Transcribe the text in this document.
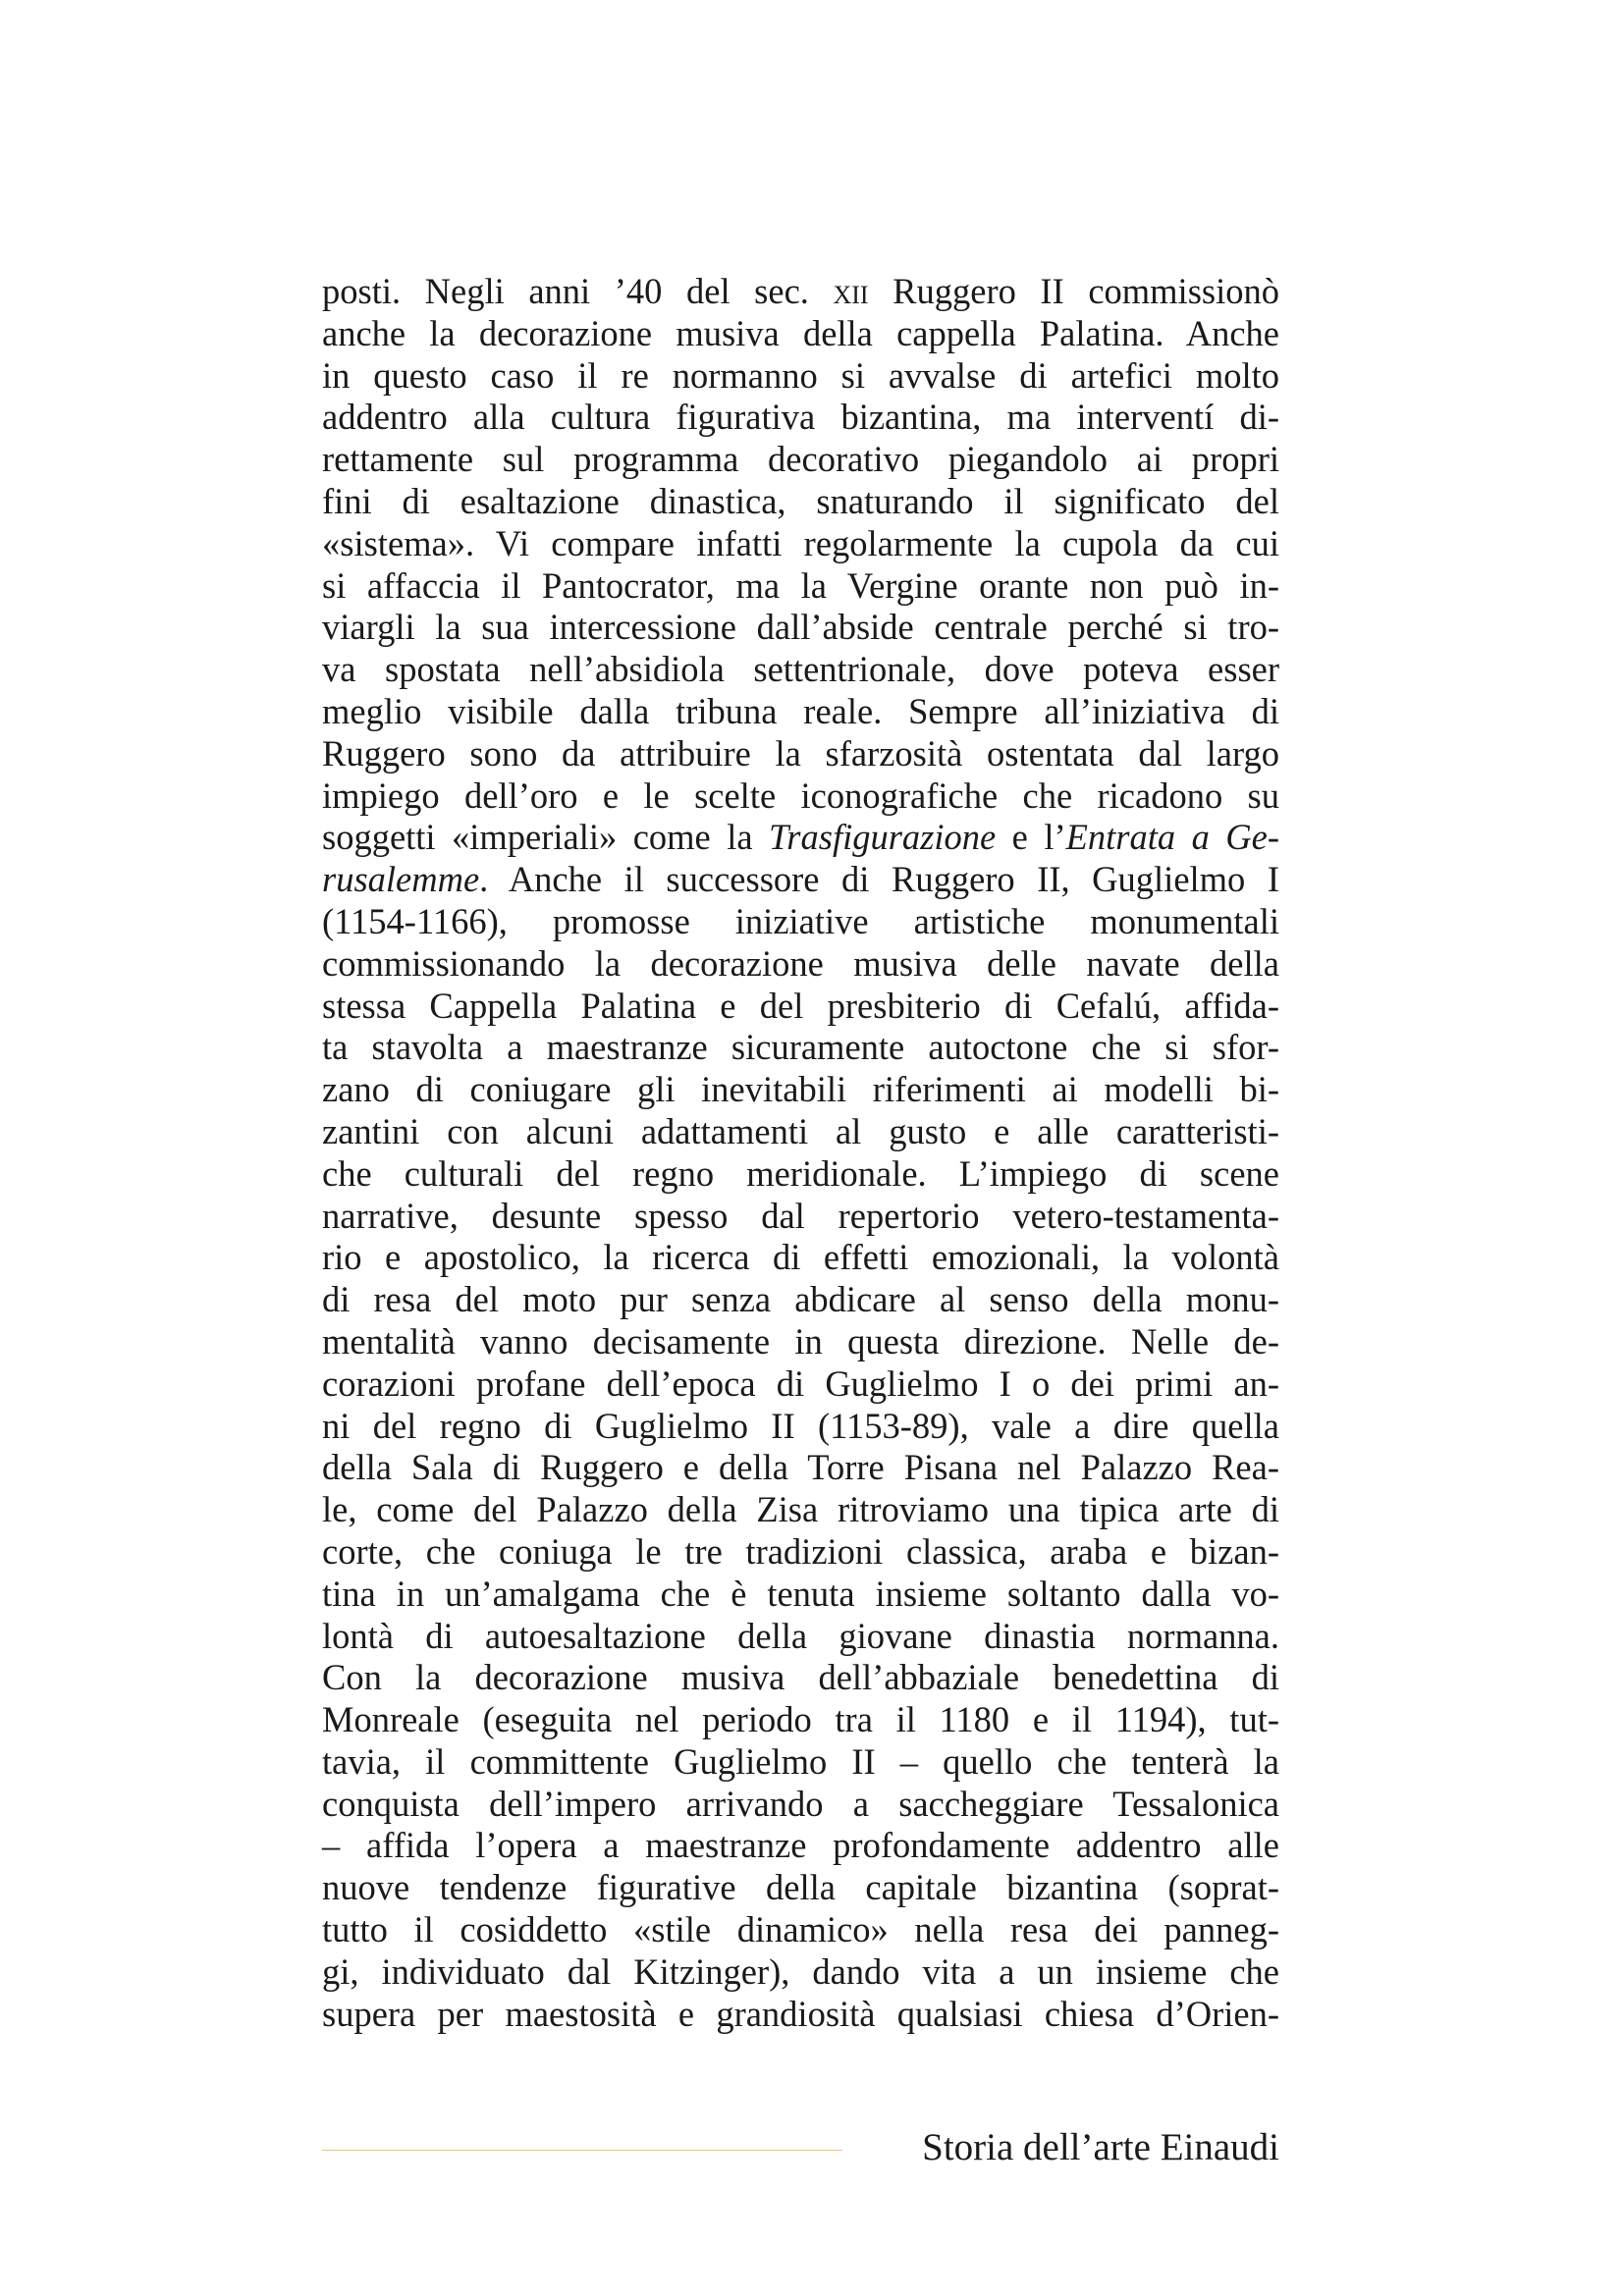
posti. Negli anni ’40 del sec. xii Ruggero II commissionò
anche la decorazione musiva della cappella Palatina. Anche
in questo caso il re normanno si avvalse di artefici molto
addentro alla cultura figurativa bizantina, ma interventí di-
rettamente sul programma decorativo piegandolo ai propri
fini di esaltazione dinastica, snaturando il significato del
«sistema». Vi compare infatti regolarmente la cupola da cui
si affaccia il Pantocrator, ma la Vergine orante non può in-
viargli la sua intercessione dall’abside centrale perché si tro-
va spostata nell’absidiola settentrionale, dove poteva esser
meglio visibile dalla tribuna reale. Sempre all’iniziativa di
Ruggero sono da attribuire la sfarzosità ostentata dal largo
impiego dell’oro e le scelte iconografiche che ricadono su
soggetti «imperiali» come la Trasfigurazione e l’Entrata a Ge-
rusalemme. Anche il successore di Ruggero II, Guglielmo I
(1154-1166), promosse iniziative artistiche monumentali
commissionando la decorazione musiva delle navate della
stessa Cappella Palatina e del presbiterio di Cefalú, affida-
ta stavolta a maestranze sicuramente autoctone che si sfor-
zano di coniugare gli inevitabili riferimenti ai modelli bi-
zantini con alcuni adattamenti al gusto e alle caratteristi-
che culturali del regno meridionale. L’impiego di scene
narrative, desunte spesso dal repertorio vetero-testamenta-
rio e apostolico, la ricerca di effetti emozionali, la volontà
di resa del moto pur senza abdicare al senso della monu-
mentalità vanno decisamente in questa direzione. Nelle de-
corazioni profane dell’epoca di Guglielmo I o dei primi an-
ni del regno di Guglielmo II (1153-89), vale a dire quella
della Sala di Ruggero e della Torre Pisana nel Palazzo Rea-
le, come del Palazzo della Zisa ritroviamo una tipica arte di
corte, che coniuga le tre tradizioni classica, araba e bizan-
tina in un’amalgama che è tenuta insieme soltanto dalla vo-
lontà di autoesaltazione della giovane dinastia normanna.
Con la decorazione musiva dell’abbaziale benedettina di
Monreale (eseguita nel periodo tra il 1180 e il 1194), tut-
tavia, il committente Guglielmo II – quello che tenterà la
conquista dell’impero arrivando a saccheggiare Tessalonica
– affida l’opera a maestranze profondamente addentro alle
nuove tendenze figurative della capitale bizantina (soprat-
tutto il cosiddetto «stile dinamico» nella resa dei panneg-
gi, individuato dal Kitzinger), dando vita a un insieme che
supera per maestosità e grandiosità qualsiasi chiesa d’Orien-
Storia dell’arte Einaudi
